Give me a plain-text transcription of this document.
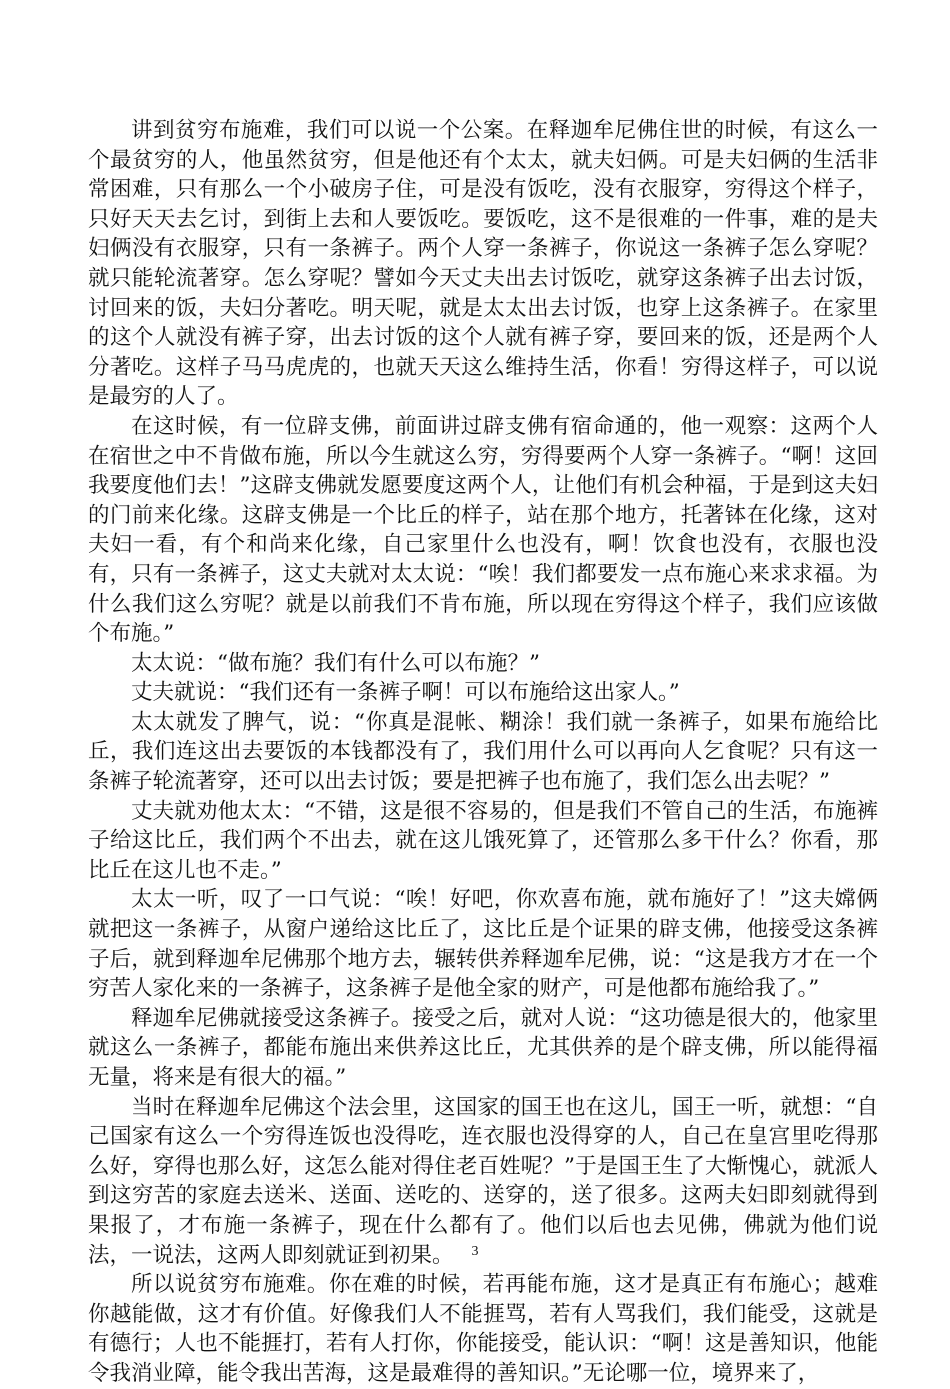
讲到贫穷布施难，我们可以说一个公案。在释迦牟尼佛住世的时候，有这么一个最贫穷的人，他虽然贫穷，但是他还有个太太，就夫妇俩。可是夫妇俩的生活非常困难，只有那么一个小破房子住，可是没有饭吃，没有衣服穿，穷得这个样子，只好天天去乞讨，到街上去和人要饭吃。要饭吃，这不是很难的一件事，难的是夫妇俩没有衣服穿，只有一条裤子。两个人穿一条裤子，你说这一条裤子怎么穿呢？就只能轮流著穿。怎么穿呢？譬如今天丈夫出去讨饭吃，就穿这条裤子出去讨饭，讨回来的饭，夫妇分著吃。明天呢，就是太太出去讨饭，也穿上这条裤子。在家里的这个人就没有裤子穿，出去讨饭的这个人就有裤子穿，要回来的饭，还是两个人分著吃。这样子马马虎虎的，也就天天这么维持生活，你看！穷得这样子，可以说是最穷的人了。

在这时候，有一位辟支佛，前面讲过辟支佛有宿命通的，他一观察：这两个人在宿世之中不肯做布施，所以今生就这么穷，穷得要两个人穿一条裤子。“啊！这回我要度他们去！”这辟支佛就发愿要度这两个人，让他们有机会种福，于是到这夫妇的门前来化缘。这辟支佛是一个比丘的样子，站在那个地方，托著钵在化缘，这对夫妇一看，有个和尚来化缘，自己家里什么也没有，啊！饮食也没有，衣服也没有，只有一条裤子，这丈夫就对太太说：“唉！我们都要发一点布施心来求求福。为什么我们这么穷呢？就是以前我们不肯布施，所以现在穷得这个样子，我们应该做个布施。”

太太说：“做布施？我们有什么可以布施？”

丈夫就说：“我们还有一条裤子啊！可以布施给这出家人。”

太太就发了脾气，说：“你真是混帐、糊涂！我们就一条裤子，如果布施给比丘，我们连这出去要饭的本钱都没有了，我们用什么可以再向人乞食呢？只有这一条裤子轮流著穿，还可以出去讨饭；要是把裤子也布施了，我们怎么出去呢？”

丈夫就劝他太太：“不错，这是很不容易的，但是我们不管自己的生活，布施裤子给这比丘，我们两个不出去，就在这儿饿死算了，还管那么多干什么？你看，那比丘在这儿也不走。”

太太一听，叹了一口气说：“唉！好吧，你欢喜布施，就布施好了！”这夫嫦俩就把这一条裤子，从窗户递给这比丘了，这比丘是个证果的辟支佛，他接受这条裤子后，就到释迦牟尼佛那个地方去，辗转供养释迦牟尼佛，说：“这是我方才在一个穷苦人家化来的一条裤子，这条裤子是他全家的财产，可是他都布施给我了。”

释迦牟尼佛就接受这条裤子。接受之后，就对人说：“这功德是很大的，他家里就这么一条裤子，都能布施出来供养这比丘，尤其供养的是个辟支佛，所以能得福无量，将来是有很大的福。”

当时在释迦牟尼佛这个法会里，这国家的国王也在这儿，国王一听，就想：“自己国家有这么一个穷得连饭也没得吃，连衣服也没得穿的人，自己在皇宫里吃得那么好，穿得也那么好，这怎么能对得住老百姓呢？”于是国王生了大惭愧心，就派人到这穷苦的家庭去送米、送面、送吃的、送穿的，送了很多。这两夫妇即刻就得到果报了，才布施一条裤子，现在什么都有了。他们以后也去见佛，佛就为他们说法，一说法，这两人即刻就证到初果。

所以说贫穷布施难。你在难的时候，若再能布施，这才是真正有布施心；越难你越能做，这才有价值。好像我们人不能捱骂，若有人骂我们，我们能受，这就是有德行；人也不能捱打，若有人打你，你能接受，能认识：“啊！这是善知识，他能令我消业障，能令我出苦海，这是最难得的善知识。”无论哪一位，境界来了，

3
